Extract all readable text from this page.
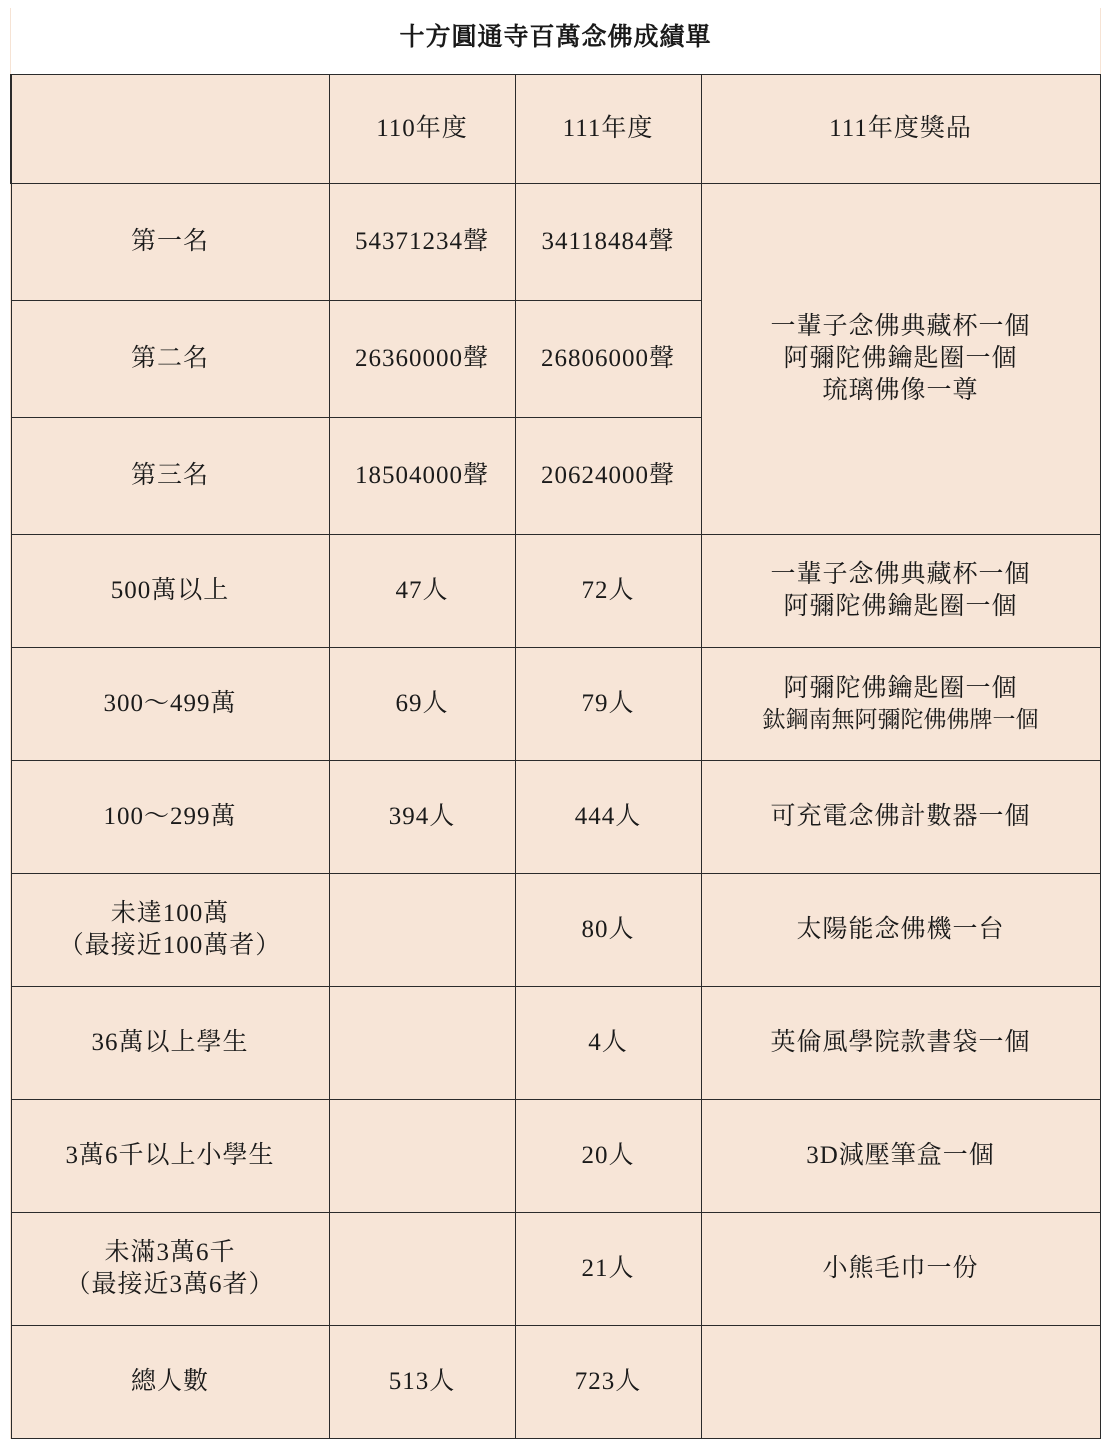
十方圓通寺百萬念佛成績單			
	110年度	111年度	111年度獎品
第一名	54371234聲	34118484聲	一輩子念佛典藏杯一個
阿彌陀佛鑰匙圈一個
琉璃佛像一尊

第二名	26360000聲	26806000聲	
第三名	18504000聲	20624000聲	
500萬以上	47人	72人	一輩子念佛典藏杯一個
阿彌陀佛鑰匙圈一個

300〜499萬	69人	79人	阿彌陀佛鑰匙圈一個
鈦鋼南無阿彌陀佛佛牌一個

100〜299萬	394人	444人	可充電念佛計數器一個

未達100萬
（最接近100萬者）		80人	太陽能念佛機一台
36萬以上學生		4人	英倫風學院款書袋一個
3萬6千以上小學生		20人	3D減壓筆盒一個

未滿3萬6千
（最接近3萬6者）		21人	小熊毛巾一份
總人數	513人	723人	
